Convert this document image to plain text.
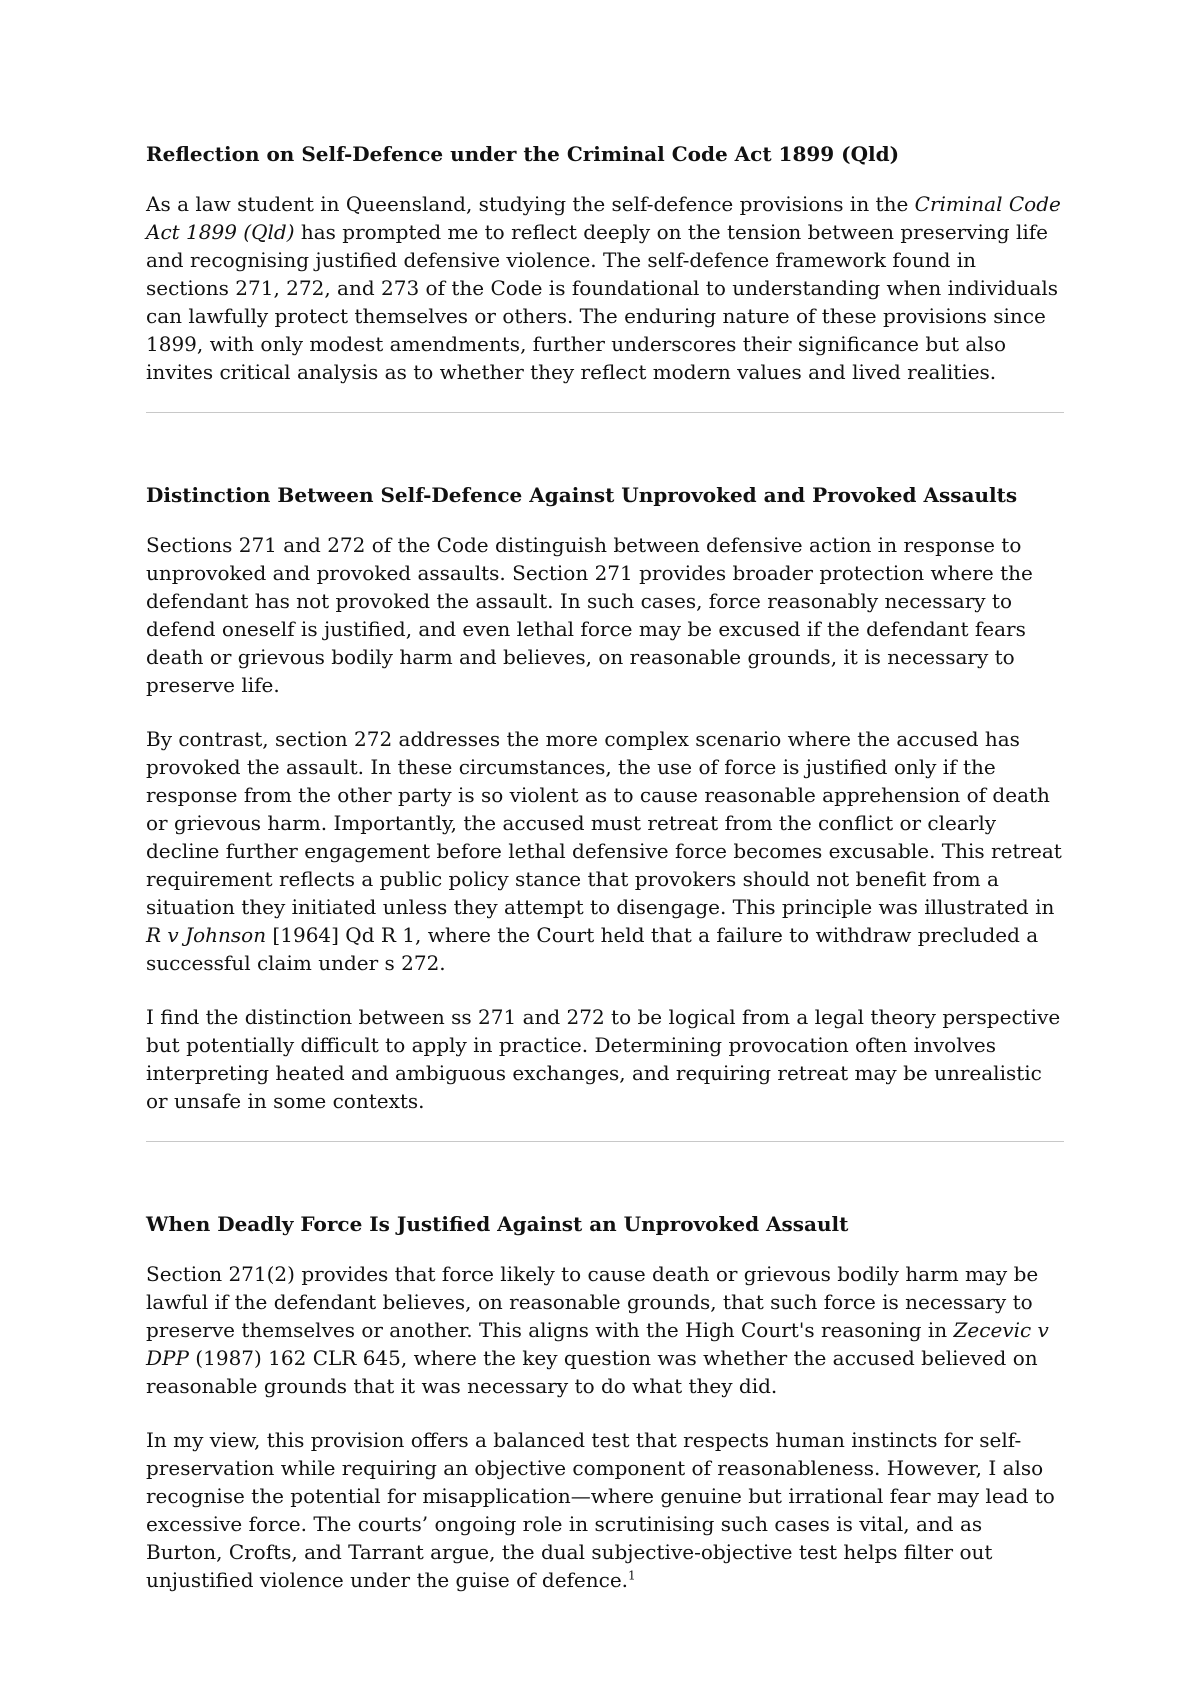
Reflection on Self-Defence under the Criminal Code Act 1899 (Qld)

As a law student in Queensland, studying the self-defence provisions in the Criminal Code Act 1899 (Qld) has prompted me to reflect deeply on the tension between preserving life and recognising justified defensive violence. The self-defence framework found in sections 271, 272, and 273 of the Code is foundational to understanding when individuals can lawfully protect themselves or others. The enduring nature of these provisions since 1899, with only modest amendments, further underscores their significance but also invites critical analysis as to whether they reflect modern values and lived realities.

Distinction Between Self-Defence Against Unprovoked and Provoked Assaults

Sections 271 and 272 of the Code distinguish between defensive action in response to unprovoked and provoked assaults. Section 271 provides broader protection where the defendant has not provoked the assault. In such cases, force reasonably necessary to defend oneself is justified, and even lethal force may be excused if the defendant fears death or grievous bodily harm and believes, on reasonable grounds, it is necessary to preserve life.

By contrast, section 272 addresses the more complex scenario where the accused has provoked the assault. In these circumstances, the use of force is justified only if the response from the other party is so violent as to cause reasonable apprehension of death or grievous harm. Importantly, the accused must retreat from the conflict or clearly decline further engagement before lethal defensive force becomes excusable. This retreat requirement reflects a public policy stance that provokers should not benefit from a situation they initiated unless they attempt to disengage. This principle was illustrated in R v Johnson [1964] Qd R 1, where the Court held that a failure to withdraw precluded a successful claim under s 272.

I find the distinction between ss 271 and 272 to be logical from a legal theory perspective but potentially difficult to apply in practice. Determining provocation often involves interpreting heated and ambiguous exchanges, and requiring retreat may be unrealistic or unsafe in some contexts.

When Deadly Force Is Justified Against an Unprovoked Assault

Section 271(2) provides that force likely to cause death or grievous bodily harm may be lawful if the defendant believes, on reasonable grounds, that such force is necessary to preserve themselves or another. This aligns with the High Court's reasoning in Zecevic v DPP (1987) 162 CLR 645, where the key question was whether the accused believed on reasonable grounds that it was necessary to do what they did.

In my view, this provision offers a balanced test that respects human instincts for self-preservation while requiring an objective component of reasonableness. However, I also recognise the potential for misapplication—where genuine but irrational fear may lead to excessive force. The courts’ ongoing role in scrutinising such cases is vital, and as Burton, Crofts, and Tarrant argue, the dual subjective-objective test helps filter out unjustified violence under the guise of defence.$^1$
